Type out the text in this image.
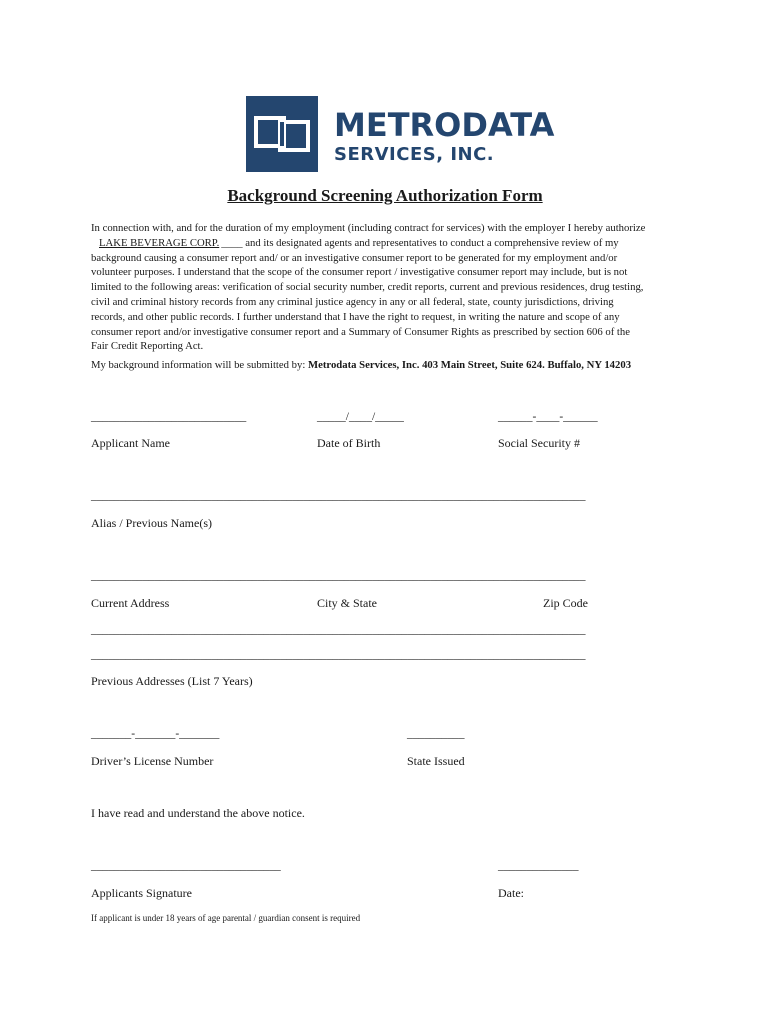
METRODATA
SERVICES, INC.
Background Screening Authorization Form
In connection with, and for the duration of my employment (including contract for services) with the employer I hereby authorize
LAKE BEVERAGE CORP. ____ and its designated agents and representatives to conduct a comprehensive review of my
background causing a consumer report and/ or an investigative consumer report to be generated for my employment and/or
volunteer purposes. I understand that the scope of the consumer report / investigative consumer report may include, but is not
limited to the following areas: verification of social security number, credit reports, current and previous residences, drug testing,
civil and criminal history records from any criminal justice agency in any or all federal, state, county jurisdictions, driving
records, and other public records. I further understand that I have the right to request, in writing the nature and scope of any
consumer report and/or investigative consumer report and a Summary of Consumer Rights as prescribed by section 606 of the
Fair Credit Reporting Act.
My background information will be submitted by: Metrodata Services, Inc. 403 Main Street, Suite 624. Buffalo, NY 14203
___________________________	_____/____/_____	______-____-______
Applicant Name	Date of Birth	Social Security #
______________________________________________________________________________________
Alias / Previous Name(s)
______________________________________________________________________________________
Current Address	City & State	Zip Code
______________________________________________________________________________________
______________________________________________________________________________________
Previous Addresses (List 7 Years)
_______-_______-_______	__________
Driver’s License Number	State Issued
I have read and understand the above notice.
_________________________________	______________
Applicants Signature	Date:
If applicant is under 18 years of age parental / guardian consent is required
